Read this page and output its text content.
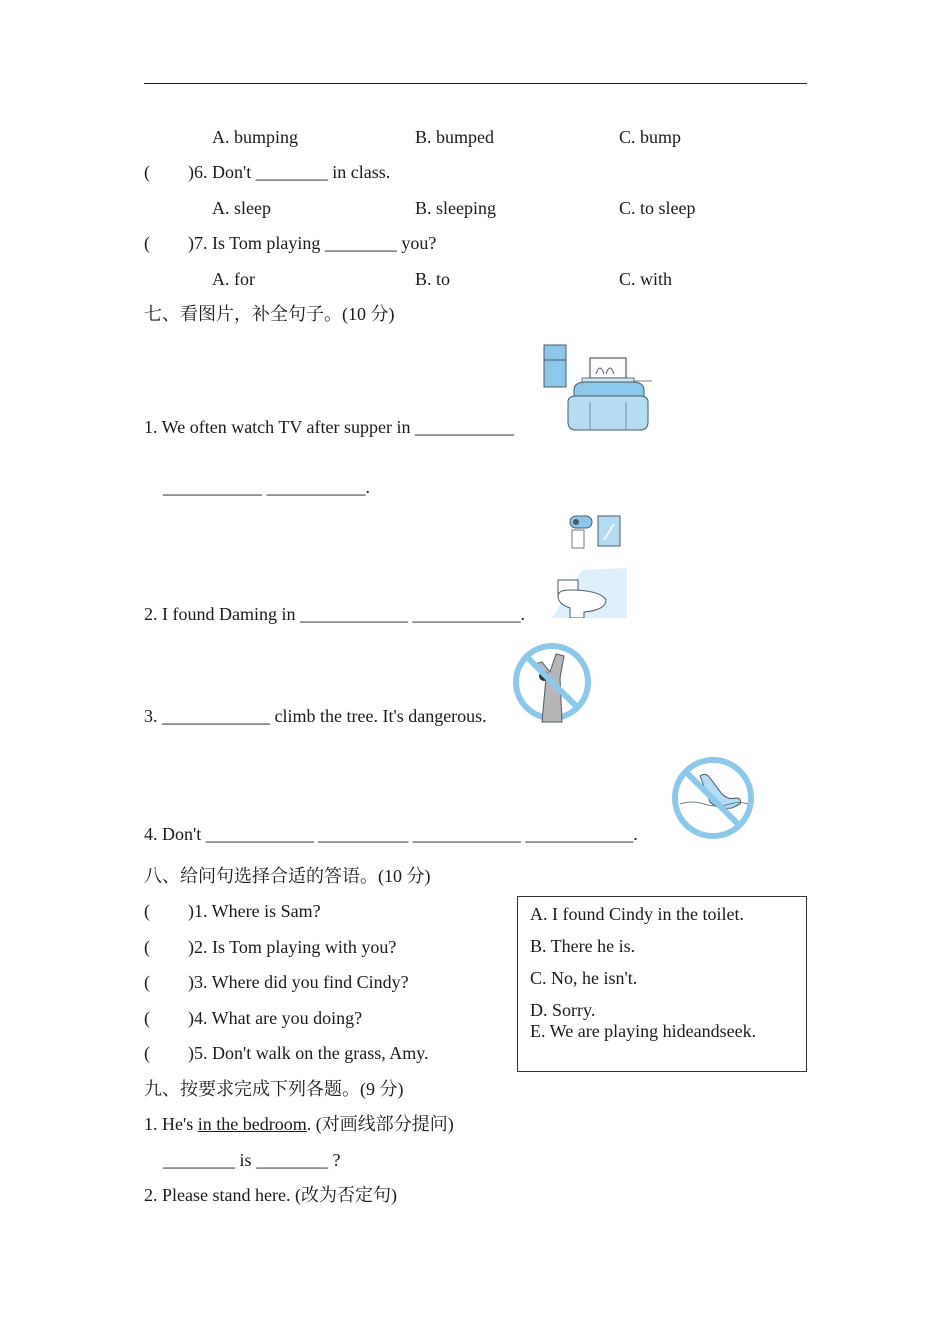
A. bumping	B. bumped	C. bump
( )6. Don't ________ in class.
A. sleep	B. sleeping	C. to sleep
( )7. Is Tom playing ________ you?
A. for	B. to	C. with
七、看图片，补全句子。(10 分)
1. We often watch TV after supper in ___________
___________ ___________.
2. I found Daming in ____________ ____________.
3. ____________ climb the tree. It's dangerous.
4. Don't ____________ __________ ____________ ____________.
八、给问句选择合适的答语。(10 分)
( )1. Where is Sam?
( )2. Is Tom playing with you?
( )3. Where did you find Cindy?
( )4. What are you doing?
( )5. Don't walk on the grass, Amy.
A. I found Cindy in the toilet.
B. There he is.
C. No, he isn't.
D. Sorry.
E. We are playing hideandseek.
九、按要求完成下列各题。(9 分)
1. He's in the bedroom. (对画线部分提问)
________ is ________ ?
2. Please stand here. (改为否定句)
